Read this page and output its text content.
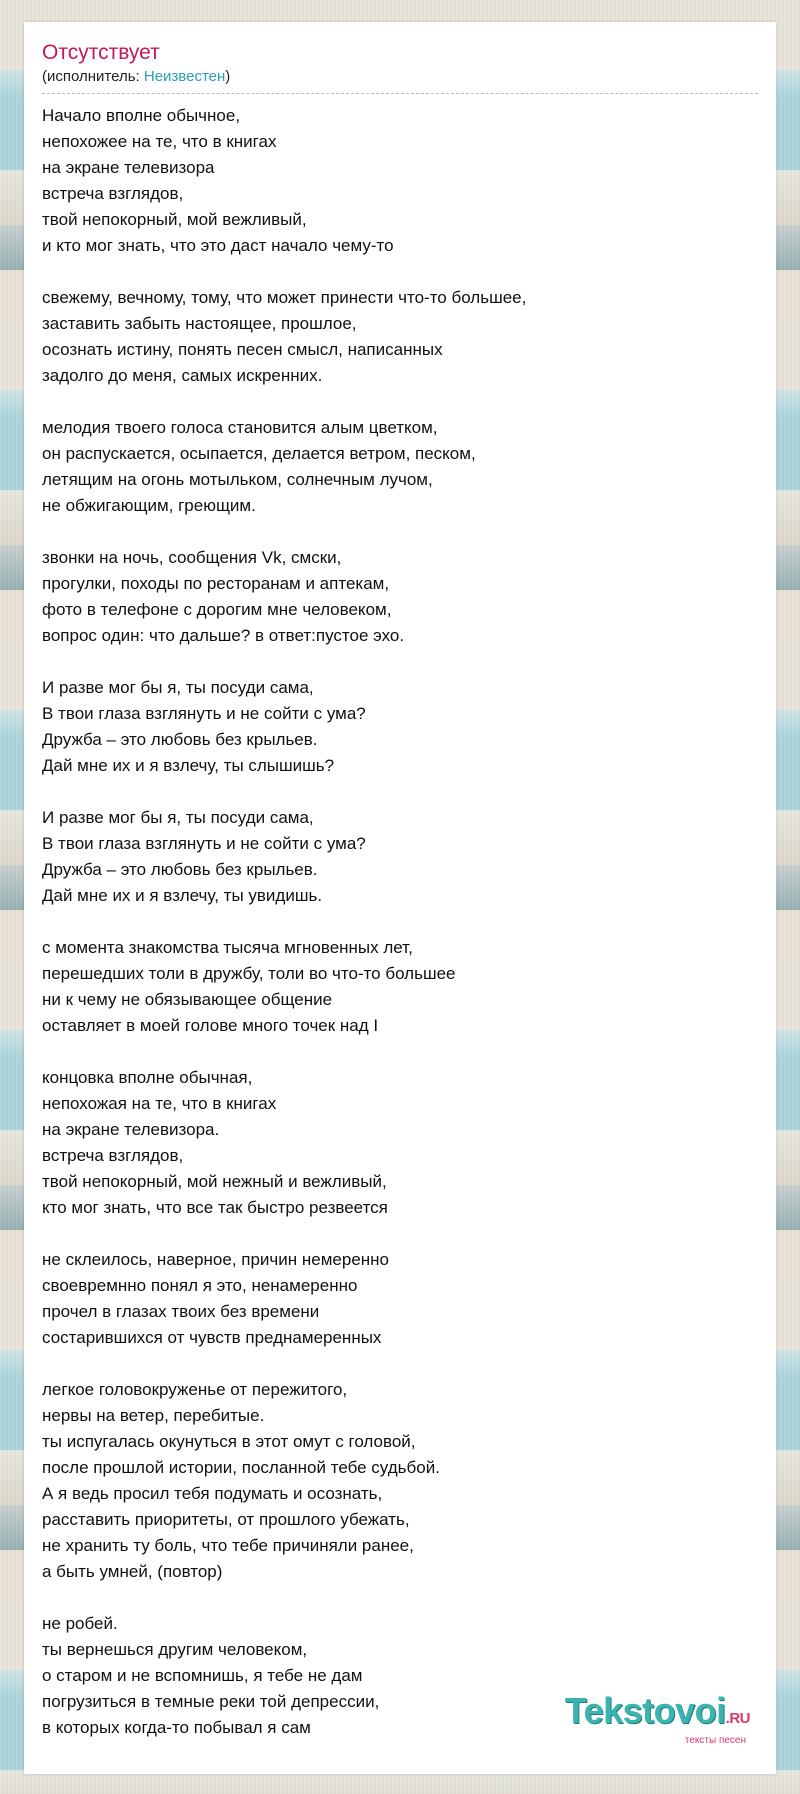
Отсутствует
(исполнитель: Неизвестен)
Начало вполне обычное,
непохожее на те, что в книгах
на экране телевизора
встреча взглядов,
твой непокорный, мой вежливый,
и кто мог знать, что это даст начало чему-то
свежему, вечному, тому, что может принести что-то большее,
заставить забыть настоящее, прошлое,
осознать истину, понять песен смысл, написанных
задолго до меня, самых искренних.
мелодия твоего голоса становится алым цветком,
он распускается, осыпается, делается ветром, песком,
летящим на огонь мотыльком, солнечным лучом,
не обжигающим, греющим.
звонки на ночь, сообщения Vk, смски,
прогулки, походы по ресторанам и аптекам,
фото в телефоне с дорогим мне человеком,
вопрос один: что дальше? в ответ:пустое эхо.
И разве мог бы я, ты посуди сама,
В твои глаза взглянуть и не сойти с ума?
Дружба – это любовь без крыльев.
Дай мне их и я взлечу, ты слышишь?
И разве мог бы я, ты посуди сама,
В твои глаза взглянуть и не сойти с ума?
Дружба – это любовь без крыльев.
Дай мне их и я взлечу, ты увидишь.
с момента знакомства тысяча мгновенных лет,
перешедших толи в дружбу, толи во что-то большее
ни к чему не обязывающее общение
оставляет в моей голове много точек над I
концовка вполне обычная,
непохожая на те, что в книгах
на экране телевизора.
встреча взглядов,
твой непокорный, мой нежный и вежливый,
кто мог знать, что все так быстро резвеется
не склеилось, наверное, причин немеренно
своевремнно понял я это, ненамеренно
прочел в глазах твоих без времени
состарившихся от чувств преднамеренных
легкое головокруженье от пережитого,
нервы на ветер, перебитые.
ты испугалась окунуться в этот омут с головой,
после прошлой истории, посланной тебе судьбой.
А я ведь просил тебя подумать и осознать,
расставить приоритеты, от прошлого убежать,
не хранить ту боль, что тебе причиняли ранее,
а быть умней, (повтор)
не робей.
ты вернешься другим человеком,
о старом и не вспомнишь, я тебе не дам
погрузиться в темные реки той депрессии,
в которых когда-то побывал я сам	Tekstovoi.RU
тексты песен
